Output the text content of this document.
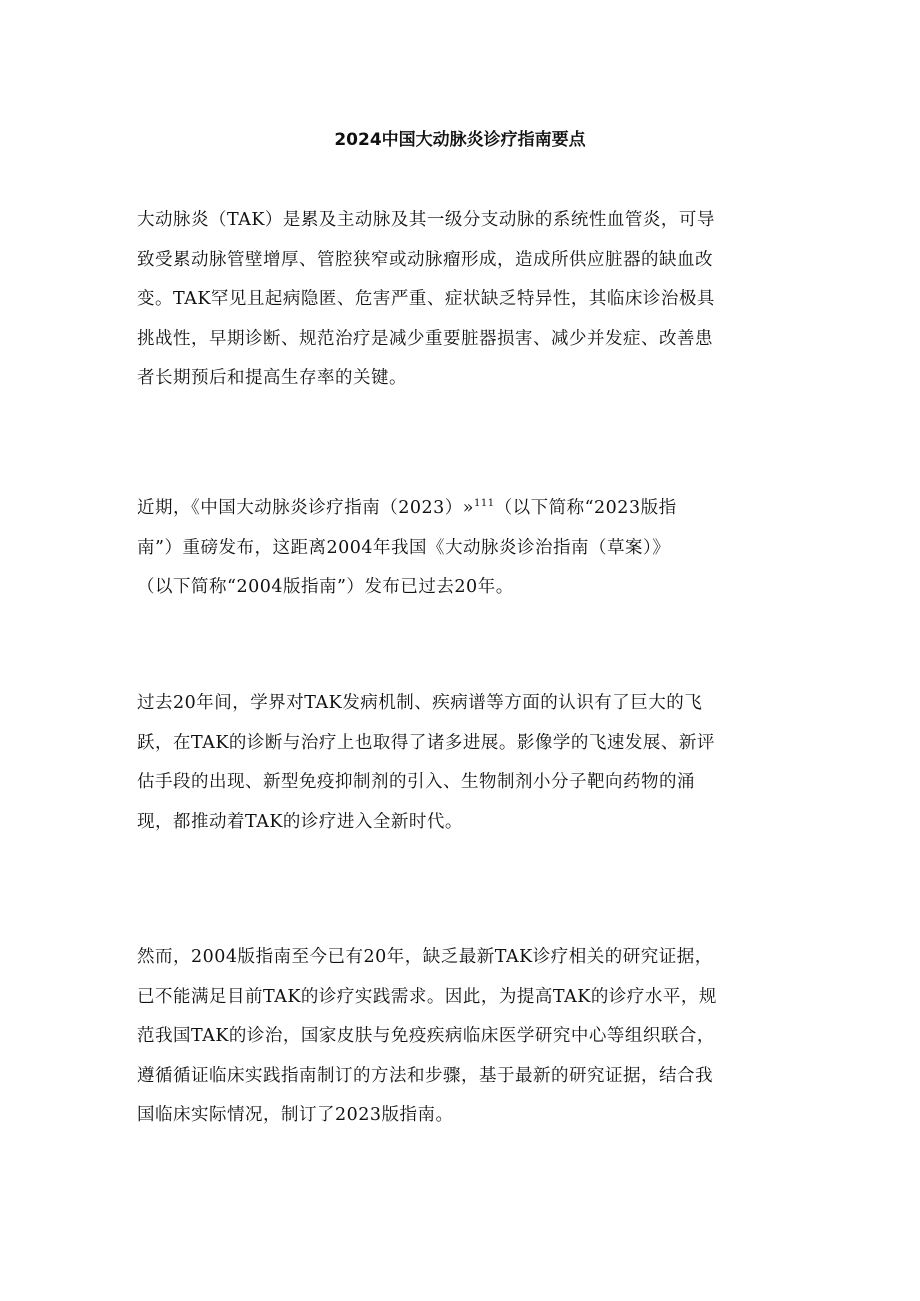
2024中国大动脉炎诊疗指南要点
大动脉炎（TAK）是累及主动脉及其一级分支动脉的系统性血管炎，可导
致受累动脉管壁增厚、管腔狭窄或动脉瘤形成，造成所供应脏器的缺血改
变。TAK罕见且起病隐匿、危害严重、症状缺乏特异性，其临床诊治极具
挑战性，早期诊断、规范治疗是减少重要脏器损害、减少并发症、改善患
者长期预后和提高生存率的关键。
近期，《中国大动脉炎诊疗指南（2023）»$^{111}$（以下简称“2023版指
南”）重磅发布，这距离2004年我国《大动脉炎诊治指南（草案）》
（以下简称“2004版指南”）发布已过去20年。
过去20年间，学界对TAK发病机制、疾病谱等方面的认识有了巨大的飞
跃，在TAK的诊断与治疗上也取得了诸多进展。影像学的飞速发展、新评
估手段的出现、新型免疫抑制剂的引入、生物制剂小分子靶向药物的涌
现，都推动着TAK的诊疗进入全新时代。
然而，2004版指南至今已有20年，缺乏最新TAK诊疗相关的研究证据，
已不能满足目前TAK的诊疗实践需求。因此，为提高TAK的诊疗水平，规
范我国TAK的诊治，国家皮肤与免疫疾病临床医学研究中心等组织联合，
遵循循证临床实践指南制订的方法和步骤，基于最新的研究证据，结合我
国临床实际情况，制订了2023版指南。
